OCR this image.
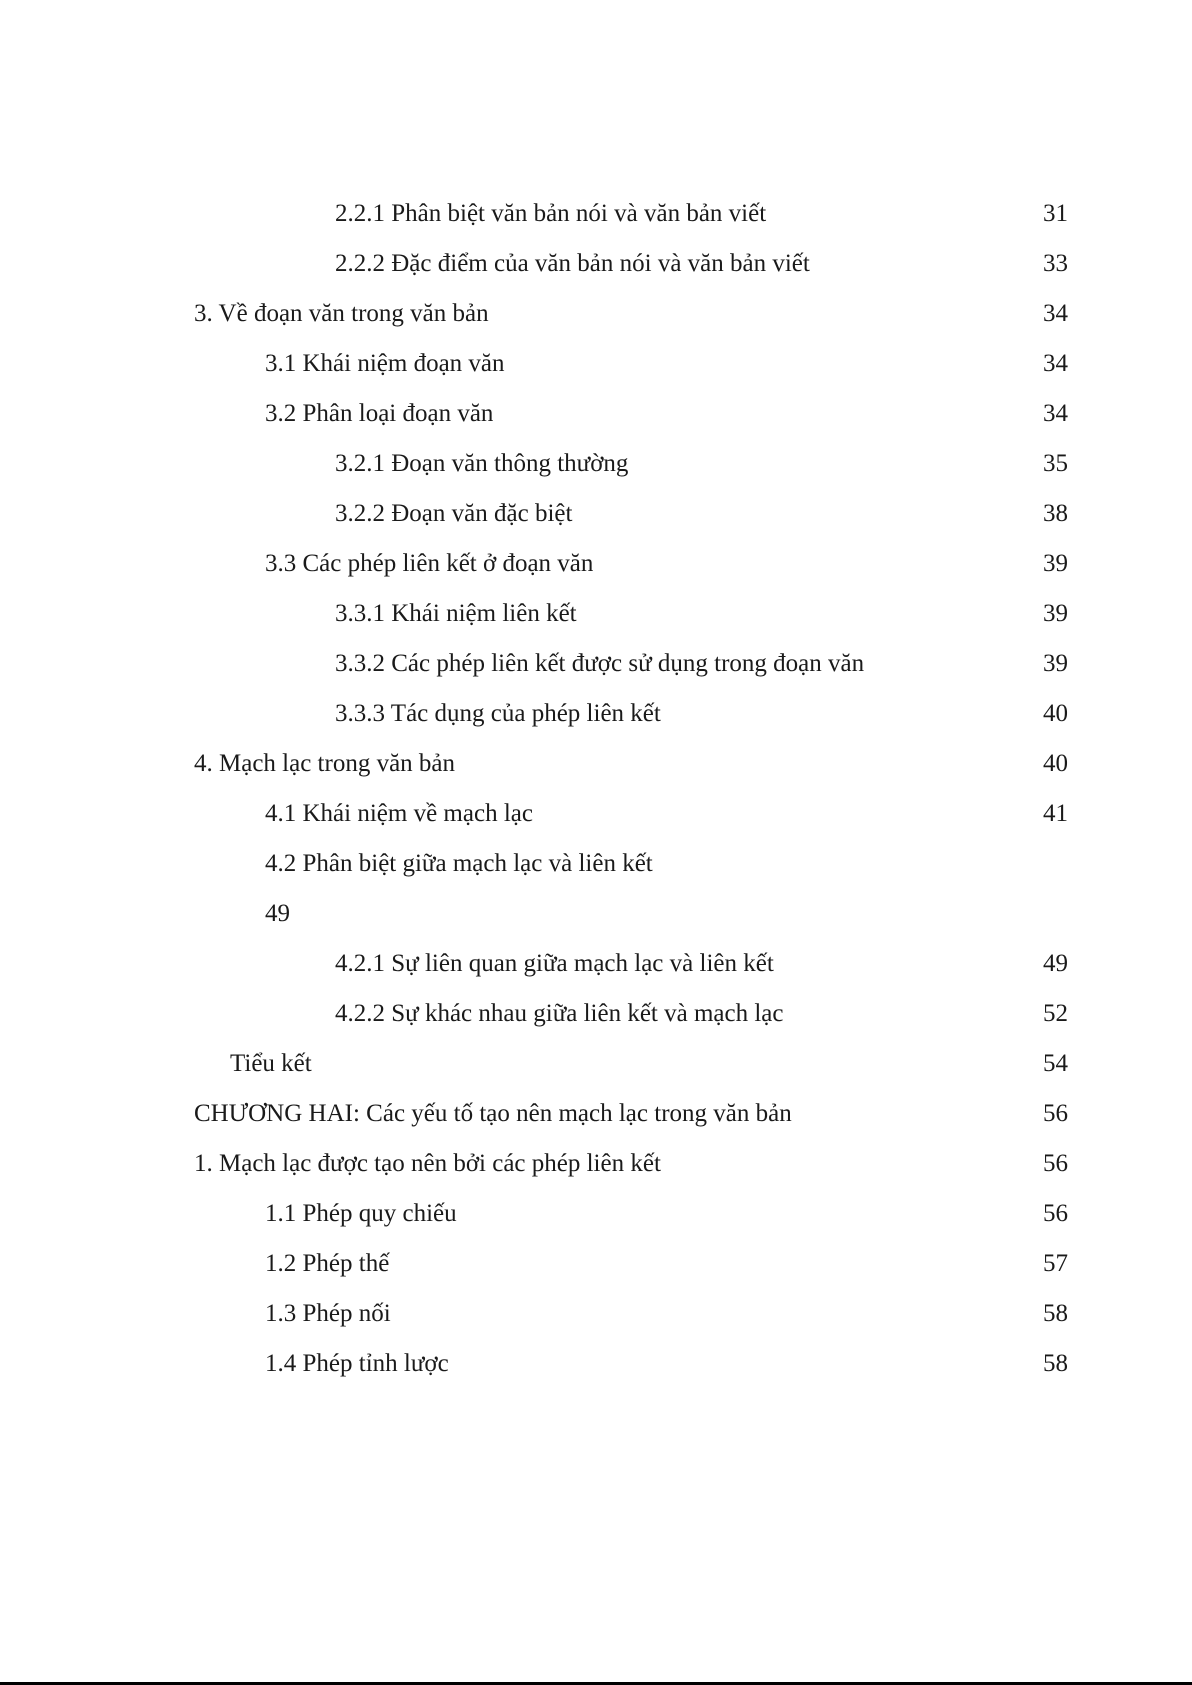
2.2.1 Phân biệt văn bản nói và văn bản viết	31
2.2.2 Đặc điểm của văn bản nói và văn bản viết	33
3. Về đoạn văn trong văn bản	34
3.1 Khái niệm đoạn văn	34
3.2 Phân loại đoạn văn	34
3.2.1 Đoạn văn thông thường	35
3.2.2 Đoạn văn đặc biệt	38
3.3 Các phép liên kết ở đoạn văn	39
3.3.1 Khái niệm liên kết	39
3.3.2 Các phép liên kết được sử dụng trong đoạn văn	39
3.3.3 Tác dụng của phép liên kết	40
4. Mạch lạc trong văn bản	40
4.1 Khái niệm về mạch lạc	41
4.2 Phân biệt giữa mạch lạc và liên kết
49
4.2.1 Sự liên quan giữa mạch lạc và liên kết	49
4.2.2 Sự khác nhau giữa liên kết và mạch lạc	52
Tiểu kết	54
CHƯƠNG HAI: Các yếu tố tạo nên mạch lạc trong văn bản	56
1. Mạch lạc được tạo nên bởi các phép liên kết	56
1.1 Phép quy chiếu	56
1.2 Phép thế	57
1.3 Phép nối	58
1.4 Phép tỉnh lược	58
